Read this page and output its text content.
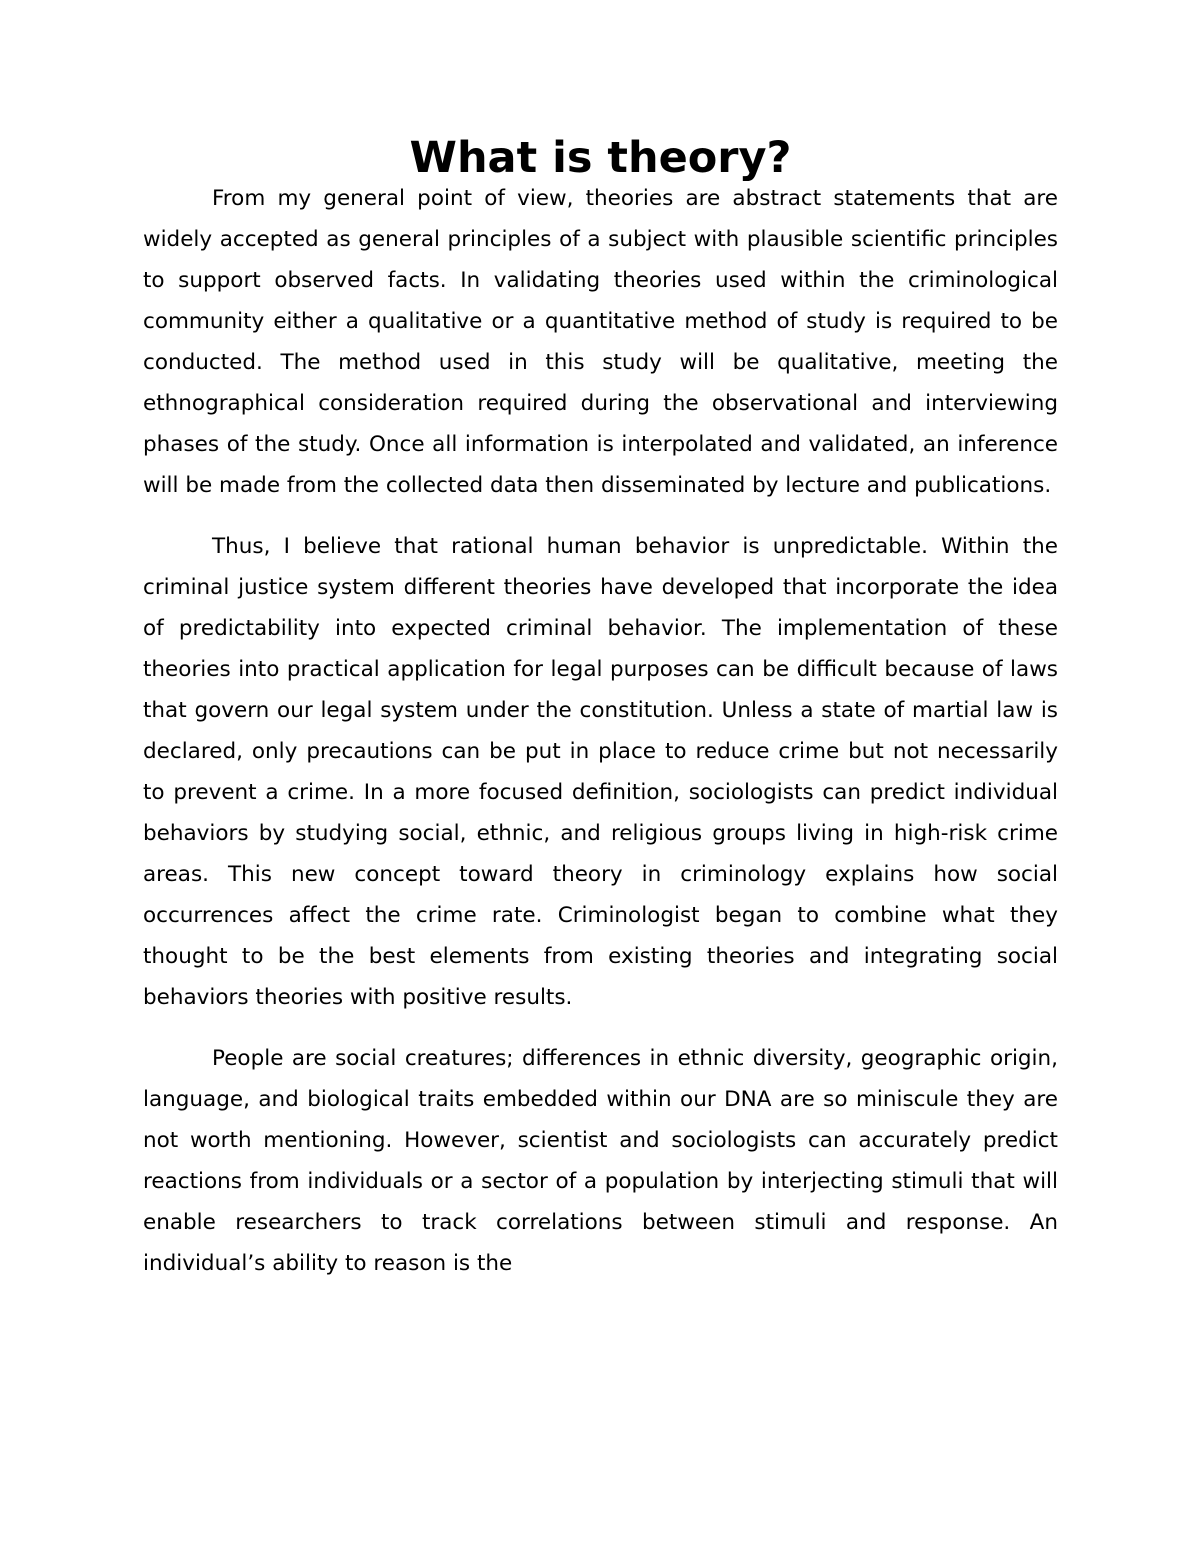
What is theory?

From my general point of view, theories are abstract statements that are widely accepted as general principles of a subject with plausible scientific principles to support observed facts. In validating theories used within the criminological community either a qualitative or a quantitative method of study is required to be conducted. The method used in this study will be qualitative, meeting the ethnographical consideration required during the observational and interviewing phases of the study. Once all information is interpolated and validated, an inference will be made from the collected data then disseminated by lecture and publications.

Thus, I believe that rational human behavior is unpredictable. Within the criminal justice system different theories have developed that incorporate the idea of predictability into expected criminal behavior. The implementation of these theories into practical application for legal purposes can be difficult because of laws that govern our legal system under the constitution. Unless a state of martial law is declared, only precautions can be put in place to reduce crime but not necessarily to prevent a crime. In a more focused definition, sociologists can predict individual behaviors by studying social, ethnic, and religious groups living in high-risk crime areas. This new concept toward theory in criminology explains how social occurrences affect the crime rate. Criminologist began to combine what they thought to be the best elements from existing theories and integrating social behaviors theories with positive results.

People are social creatures; differences in ethnic diversity, geographic origin, language, and biological traits embedded within our DNA are so miniscule they are not worth mentioning. However, scientist and sociologists can accurately predict reactions from individuals or a sector of a population by interjecting stimuli that will enable researchers to track correlations between stimuli and response. An individual’s ability to reason is the
